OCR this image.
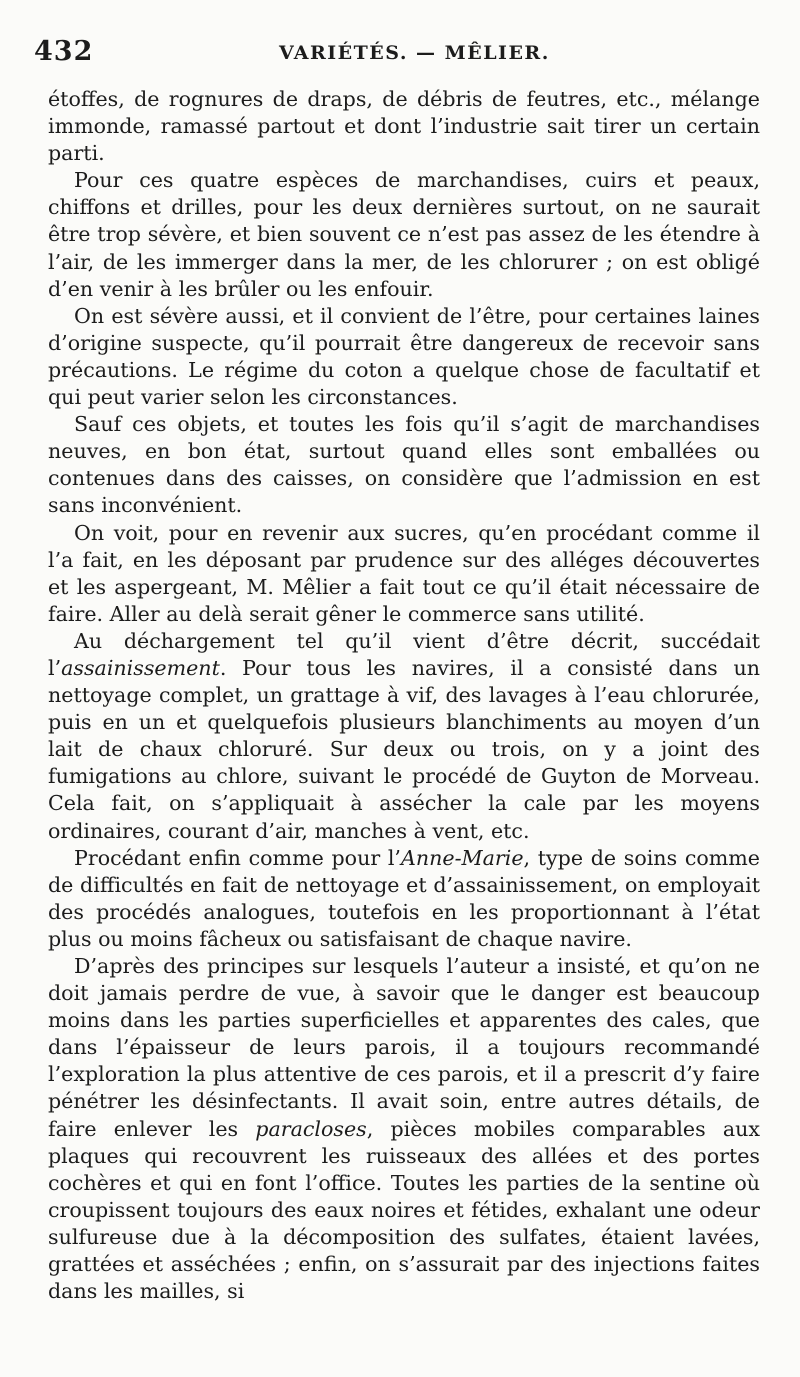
432	VARIÉTÉS. — MÊLIER.

étoffes, de rognures de draps, de débris de feutres, etc., mélange immonde, ramassé partout et dont l’industrie sait tirer un certain parti.

Pour ces quatre espèces de marchandises, cuirs et peaux, chiffons et drilles, pour les deux dernières surtout, on ne saurait être trop sévère, et bien souvent ce n’est pas assez de les étendre à l’air, de les immerger dans la mer, de les chlorurer ; on est obligé d’en venir à les brûler ou les enfouir.

On est sévère aussi, et il convient de l’être, pour certaines laines d’origine suspecte, qu’il pourrait être dangereux de recevoir sans précautions. Le régime du coton a quelque chose de facultatif et qui peut varier selon les circonstances.

Sauf ces objets, et toutes les fois qu’il s’agit de marchandises neuves, en bon état, surtout quand elles sont emballées ou contenues dans des caisses, on considère que l’admission en est sans inconvénient.

On voit, pour en revenir aux sucres, qu’en procédant comme il l’a fait, en les déposant par prudence sur des alléges découvertes et les aspergeant, M. Mêlier a fait tout ce qu’il était nécessaire de faire. Aller au delà serait gêner le commerce sans utilité.

Au déchargement tel qu’il vient d’être décrit, succédait l’assainissement. Pour tous les navires, il a consisté dans un nettoyage complet, un grattage à vif, des lavages à l’eau chlorurée, puis en un et quelquefois plusieurs blanchiments au moyen d’un lait de chaux chloruré. Sur deux ou trois, on y a joint des fumigations au chlore, suivant le procédé de Guyton de Morveau. Cela fait, on s’appliquait à assécher la cale par les moyens ordinaires, courant d’air, manches à vent, etc.

Procédant enfin comme pour l’Anne-Marie, type de soins comme de difficultés en fait de nettoyage et d’assainissement, on employait des procédés analogues, toutefois en les proportionnant à l’état plus ou moins fâcheux ou satisfaisant de chaque navire.

D’après des principes sur lesquels l’auteur a insisté, et qu’on ne doit jamais perdre de vue, à savoir que le danger est beaucoup moins dans les parties superficielles et apparentes des cales, que dans l’épaisseur de leurs parois, il a toujours recommandé l’exploration la plus attentive de ces parois, et il a prescrit d’y faire pénétrer les désinfectants. Il avait soin, entre autres détails, de faire enlever les paracloses, pièces mobiles comparables aux plaques qui recouvrent les ruisseaux des allées et des portes cochères et qui en font l’office. Toutes les parties de la sentine où croupissent toujours des eaux noires et fétides, exhalant une odeur sulfureuse due à la décomposition des sulfates, étaient lavées, grattées et asséchées ; enfin, on s’assurait par des injections faites dans les mailles, si
